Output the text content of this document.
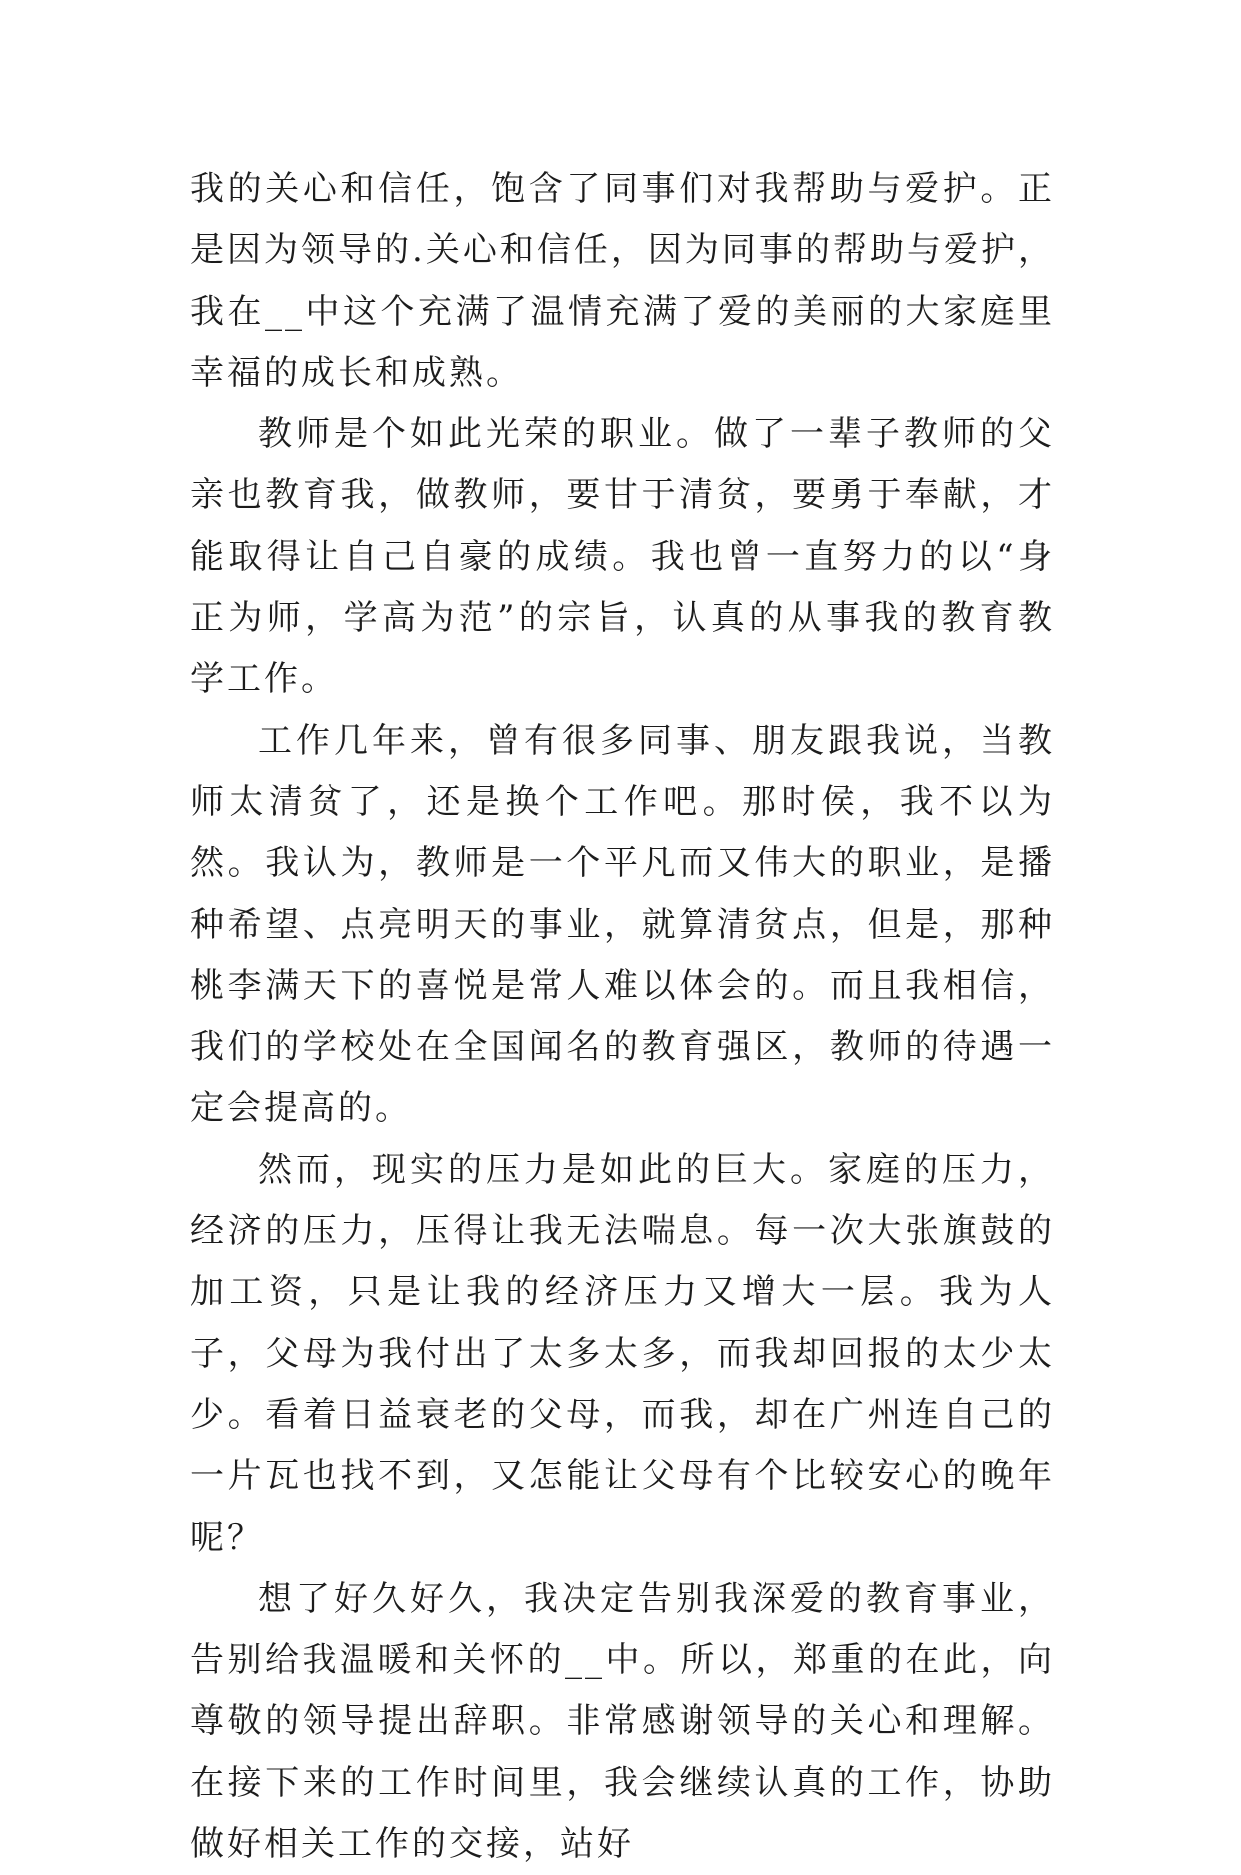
我的关心和信任，饱含了同事们对我帮助与爱护。正是因为领导的.关心和信任，因为同事的帮助与爱护，我在__中这个充满了温情充满了爱的美丽的大家庭里幸福的成长和成熟。

教师是个如此光荣的职业。做了一辈子教师的父亲也教育我，做教师，要甘于清贫，要勇于奉献，才能取得让自己自豪的成绩。我也曾一直努力的以“身正为师，学高为范”的宗旨，认真的从事我的教育教学工作。

工作几年来，曾有很多同事、朋友跟我说，当教师太清贫了，还是换个工作吧。那时侯，我不以为然。我认为，教师是一个平凡而又伟大的职业，是播种希望、点亮明天的事业，就算清贫点，但是，那种桃李满天下的喜悦是常人难以体会的。而且我相信，我们的学校处在全国闻名的教育强区，教师的待遇一定会提高的。

然而，现实的压力是如此的巨大。家庭的压力，经济的压力，压得让我无法喘息。每一次大张旗鼓的加工资，只是让我的经济压力又增大一层。我为人子，父母为我付出了太多太多，而我却回报的太少太少。看着日益衰老的父母，而我，却在广州连自己的一片瓦也找不到，又怎能让父母有个比较安心的晚年呢？

想了好久好久，我决定告别我深爱的教育事业，告别给我温暖和关怀的__中。所以，郑重的在此，向尊敬的领导提出辞职。非常感谢领导的关心和理解。在接下来的工作时间里，我会继续认真的工作，协助做好相关工作的交接，站好
